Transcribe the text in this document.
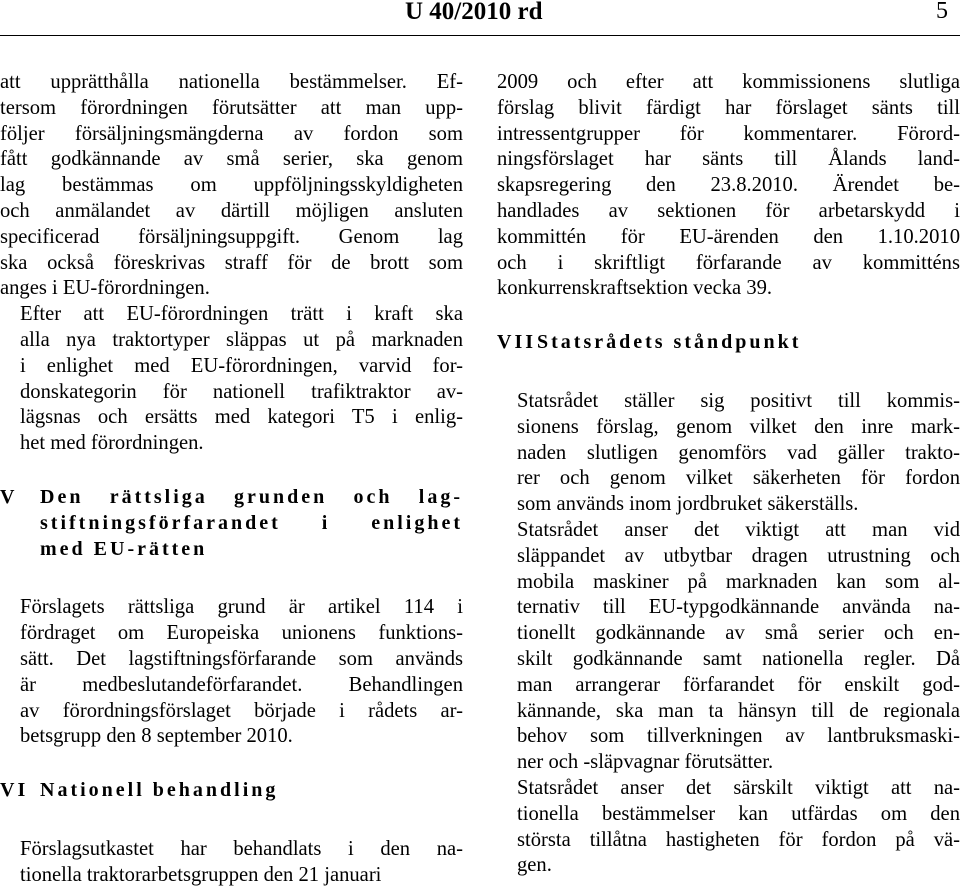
U 40/2010 rd	5

att upprätthålla nationella bestämmelser. Ef-
tersom förordningen förutsätter att man upp-
följer försäljningsmängderna av fordon som
fått godkännande av små serier, ska genom
lag bestämmas om uppföljningsskyldigheten
och anmälandet av därtill möjligen ansluten
specificerad försäljningsuppgift. Genom lag
ska också föreskrivas straff för de brott som
anges i EU-förordningen.

Efter att EU-förordningen trätt i kraft ska
alla nya traktortyper släppas ut på marknaden
i enlighet med EU-förordningen, varvid for-
donskategorin för nationell trafiktraktor av-
lägsnas och ersätts med kategori T5 i enlig-
het med förordningen.

V	Den rättsliga grunden och lag-
stiftningsförfarandet i enlighet
med EU-rätten

Förslagets rättsliga grund är artikel 114 i
fördraget om Europeiska unionens funktions-
sätt. Det lagstiftningsförfarande som används
är medbeslutandeförfarandet. Behandlingen
av förordningsförslaget började i rådets ar-
betsgrupp den 8 september 2010.

VI Nationell behandling

Förslagsutkastet har behandlats i den na-
tionella traktorarbetsgruppen den 21 januari

2009 och efter att kommissionens slutliga
förslag blivit färdigt har förslaget sänts till
intressentgrupper för kommentarer. Förord-
ningsförslaget har sänts till Ålands land-
skapsregering den 23.8.2010. Ärendet be-
handlades av sektionen för arbetarskydd i
kommittén för EU-ärenden den 1.10.2010
och i skriftligt förfarande av kommitténs
konkurrenskraftsektion vecka 39.

VII Statsrådets ståndpunkt

Statsrådet ställer sig positivt till kommis-
sionens förslag, genom vilket den inre mark-
naden slutligen genomförs vad gäller trakto-
rer och genom vilket säkerheten för fordon
som används inom jordbruket säkerställs.

Statsrådet anser det viktigt att man vid
släppandet av utbytbar dragen utrustning och
mobila maskiner på marknaden kan som al-
ternativ till EU-typgodkännande använda na-
tionellt godkännande av små serier och en-
skilt godkännande samt nationella regler. Då
man arrangerar förfarandet för enskilt god-
kännande, ska man ta hänsyn till de regionala
behov som tillverkningen av lantbruksmaski-
ner och -släpvagnar förutsätter.

Statsrådet anser det särskilt viktigt att na-
tionella bestämmelser kan utfärdas om den
största tillåtna hastigheten för fordon på vä-
gen.
